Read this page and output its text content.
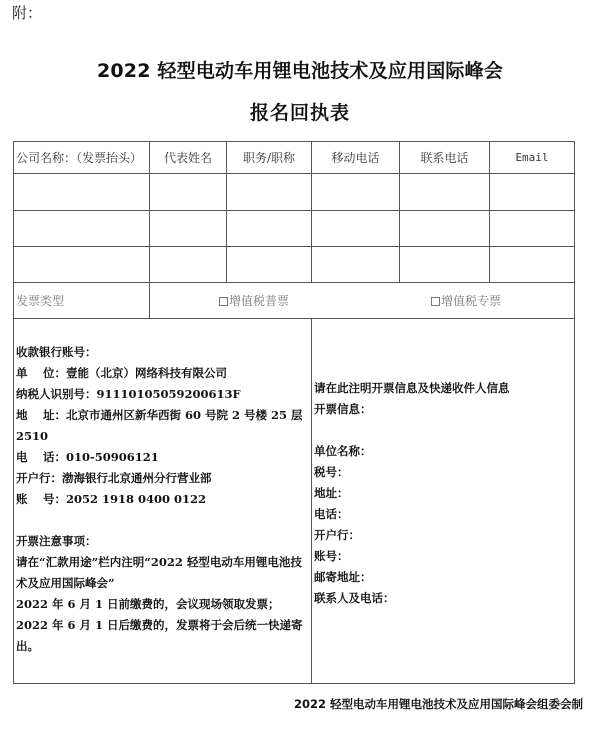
附：
2022 轻型电动车用锂电池技术及应用国际峰会
报名回执表
公司名称：（发票抬头）	代表姓名	职务/职称	移动电话	联系电话	Email
发票类型	增值税普票	增值税专票
收款银行账号：
单　 位：壹能（北京）网络科技有限公司
纳税人识别号：91110105059200613F
地　 址：北京市通州区新华西街 60 号院 2 号楼 25 层 2510
电　 话：010-50906121
开户行：渤海银行北京通州分行营业部
账　 号：2052 1918 0400 0122
开票注意事项：
请在“汇款用途”栏内注明“2022 轻型电动车用锂电池技术及应用国际峰会”
2022 年 6 月 1 日前缴费的，会议现场领取发票；
2022 年 6 月 1 日后缴费的，发票将于会后统一快递寄出。
请在此注明开票信息及快递收件人信息
开票信息：
单位名称：
税号：
地址：
电话：
开户行：
账号：
邮寄地址：
联系人及电话：
2022 轻型电动车用锂电池技术及应用国际峰会组委会制
